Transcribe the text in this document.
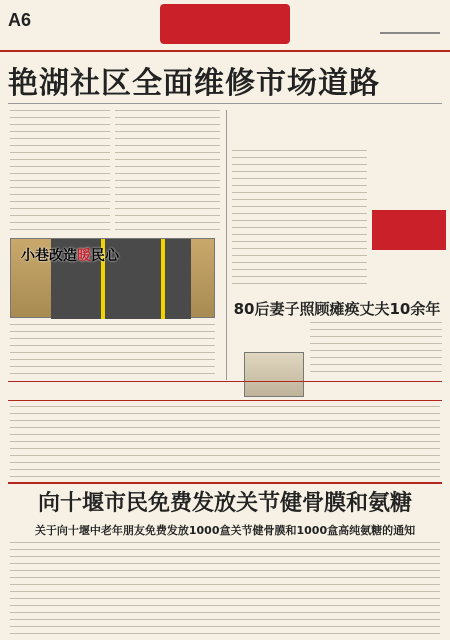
A6
艳湖社区全面维修市场道路
小巷改造暖民心
80后妻子照顾瘫痪丈夫10余年
向十堰市民免费发放关节健骨膜和氨糖
关于向十堰中老年朋友免费发放1000盒关节健骨膜和1000盒高纯氨糖的通知
